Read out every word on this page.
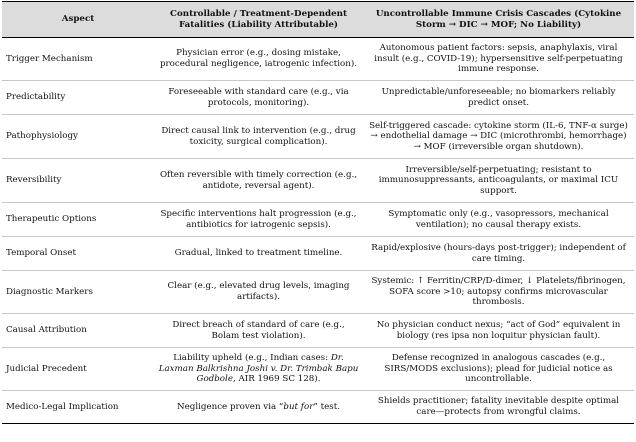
Aspect	Controllable / Treatment-Dependent Fatalities (Liability Attributable)	Uncontrollable Immune Crisis Cascades (Cytokine Storm → DIC → MOF; No Liability)
Trigger Mechanism	Physician error (e.g., dosing mistake, procedural negligence, iatrogenic infection).	Autonomous patient factors: sepsis, anaphylaxis, viral insult (e.g., COVID-19); hypersensitive self-perpetuating immune response.
Predictability	Foreseeable with standard care (e.g., via protocols, monitoring).	Unpredictable/unforeseeable; no biomarkers reliably predict onset.
Pathophysiology	Direct causal link to intervention (e.g., drug toxicity, surgical complication).	Self-triggered cascade: cytokine storm (IL-6, TNF-α surge) → endothelial damage → DIC (microthrombi, hemorrhage) → MOF (irreversible organ shutdown).
Reversibility	Often reversible with timely correction (e.g., antidote, reversal agent).	Irreversible/self-perpetuating; resistant to immunosuppressants, anticoagulants, or maximal ICU support.
Therapeutic Options	Specific interventions halt progression (e.g., antibiotics for iatrogenic sepsis).	Symptomatic only (e.g., vasopressors, mechanical ventilation); no causal therapy exists.
Temporal Onset	Gradual, linked to treatment timeline.	Rapid/explosive (hours-days post-trigger); independent of care timing.
Diagnostic Markers	Clear (e.g., elevated drug levels, imaging artifacts).	Systemic: ↑ Ferritin/CRP/D-dimer, ↓ Platelets/fibrinogen, SOFA score >10; autopsy confirms microvascular thrombosis.
Causal Attribution	Direct breach of standard of care (e.g., Bolam test violation).	No physician conduct nexus; “act of God” equivalent in biology (res ipsa non loquitur physician fault).
Judicial Precedent	Liability upheld (e.g., Indian cases: Dr. Laxman Balkrishna Joshi v. Dr. Trimbak Bapu Godbole, AIR 1969 SC 128).	Defense recognized in analogous cascades (e.g., SIRS/MODS exclusions); plead for judicial notice as uncontrollable.
Medico-Legal Implication	Negligence proven via “but for” test.	Shields practitioner; fatality inevitable despite optimal care—protects from wrongful claims.
